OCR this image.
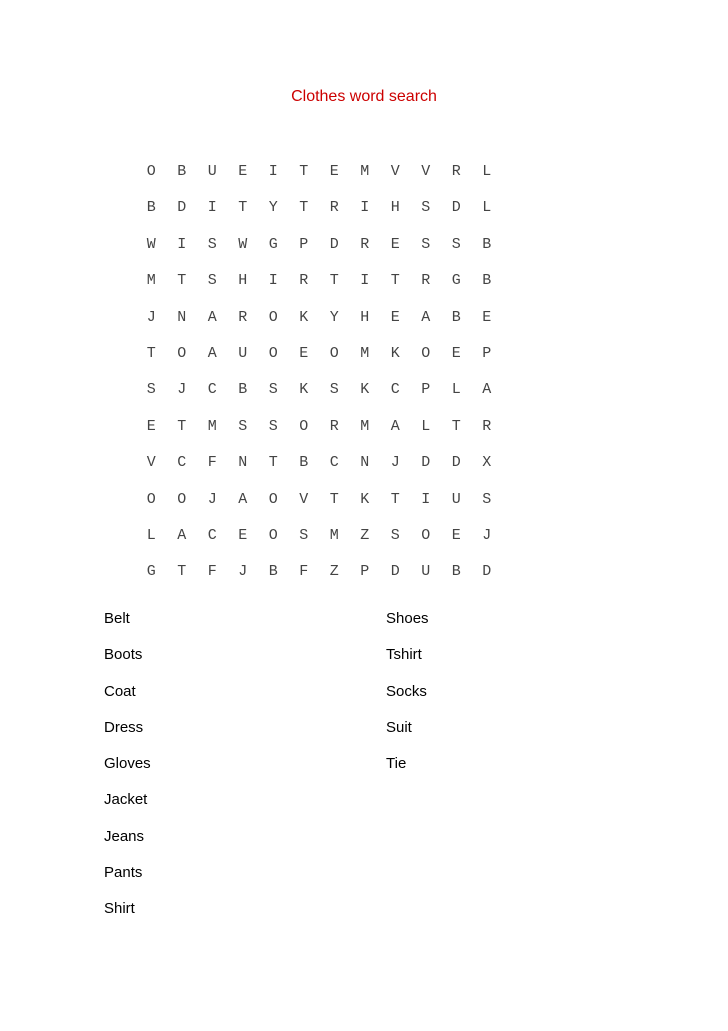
Clothes word search
O	B	U	E	I	T	E	M	V	V	R	L
B	D	I	T	Y	T	R	I	H	S	D	L
W	I	S	W	G	P	D	R	E	S	S	B
M	T	S	H	I	R	T	I	T	R	G	B
J	N	A	R	O	K	Y	H	E	A	B	E
T	O	A	U	O	E	O	M	K	O	E	P
S	J	C	B	S	K	S	K	C	P	L	A
E	T	M	S	S	O	R	M	A	L	T	R
V	C	F	N	T	B	C	N	J	D	D	X
O	O	J	A	O	V	T	K	T	I	U	S
L	A	C	E	O	S	M	Z	S	O	E	J
G	T	F	J	B	F	Z	P	D	U	B	D
Belt
Boots
Coat
Dress
Gloves
Jacket
Jeans
Pants
Shirt
Shoes
Tshirt
Socks
Suit
Tie
